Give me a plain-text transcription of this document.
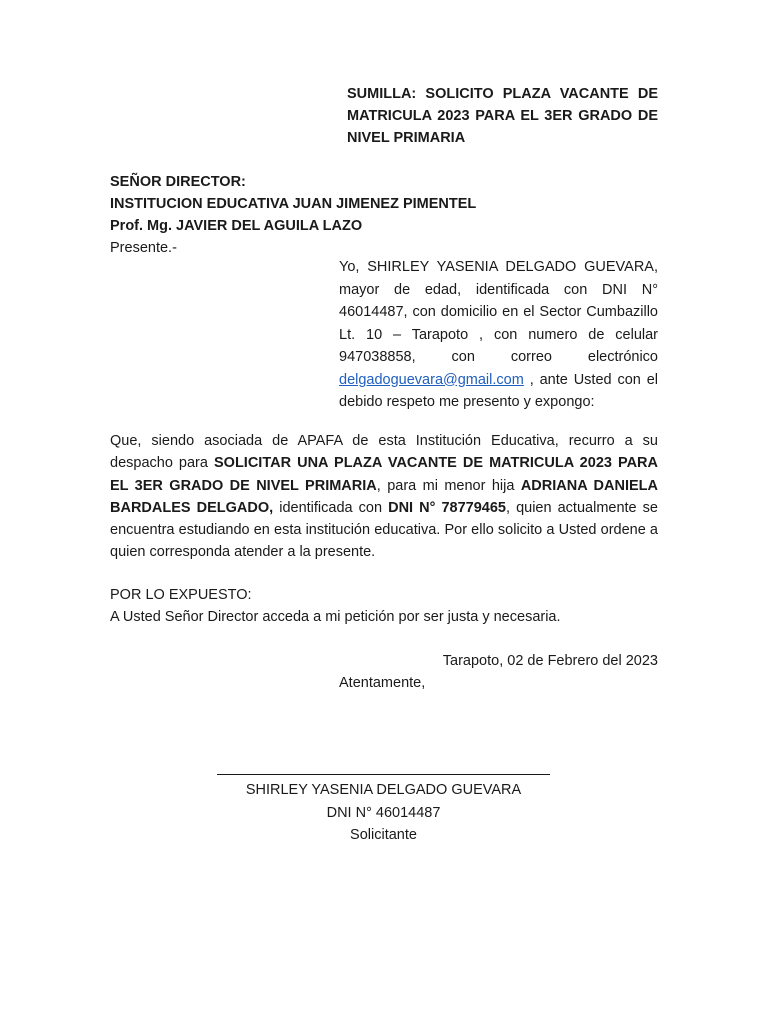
SUMILLA: SOLICITO PLAZA VACANTE DE MATRICULA 2023 PARA EL 3ER GRADO DE NIVEL PRIMARIA
SEÑOR DIRECTOR:
INSTITUCION EDUCATIVA JUAN JIMENEZ PIMENTEL
Prof. Mg. JAVIER DEL AGUILA LAZO
Presente.-
Yo, SHIRLEY YASENIA DELGADO GUEVARA, mayor de edad, identificada con DNI N° 46014487, con domicilio en el Sector Cumbazillo Lt. 10 – Tarapoto , con numero de celular 947038858, con correo electrónico delgadoguevara@gmail.com , ante Usted con el debido respeto me presento y expongo:
Que, siendo asociada de APAFA de esta Institución Educativa, recurro a su despacho para SOLICITAR UNA PLAZA VACANTE DE MATRICULA 2023 PARA EL 3ER GRADO DE NIVEL PRIMARIA, para mi menor hija ADRIANA DANIELA BARDALES DELGADO, identificada con DNI N° 78779465, quien actualmente se encuentra estudiando en esta institución educativa. Por ello solicito a Usted ordene a quien corresponda atender a la presente.
POR LO EXPUESTO:
A Usted Señor Director acceda a mi petición por ser justa y necesaria.
Tarapoto, 02 de Febrero del 2023
Atentamente,
SHIRLEY YASENIA DELGADO GUEVARA
DNI N° 46014487
Solicitante
